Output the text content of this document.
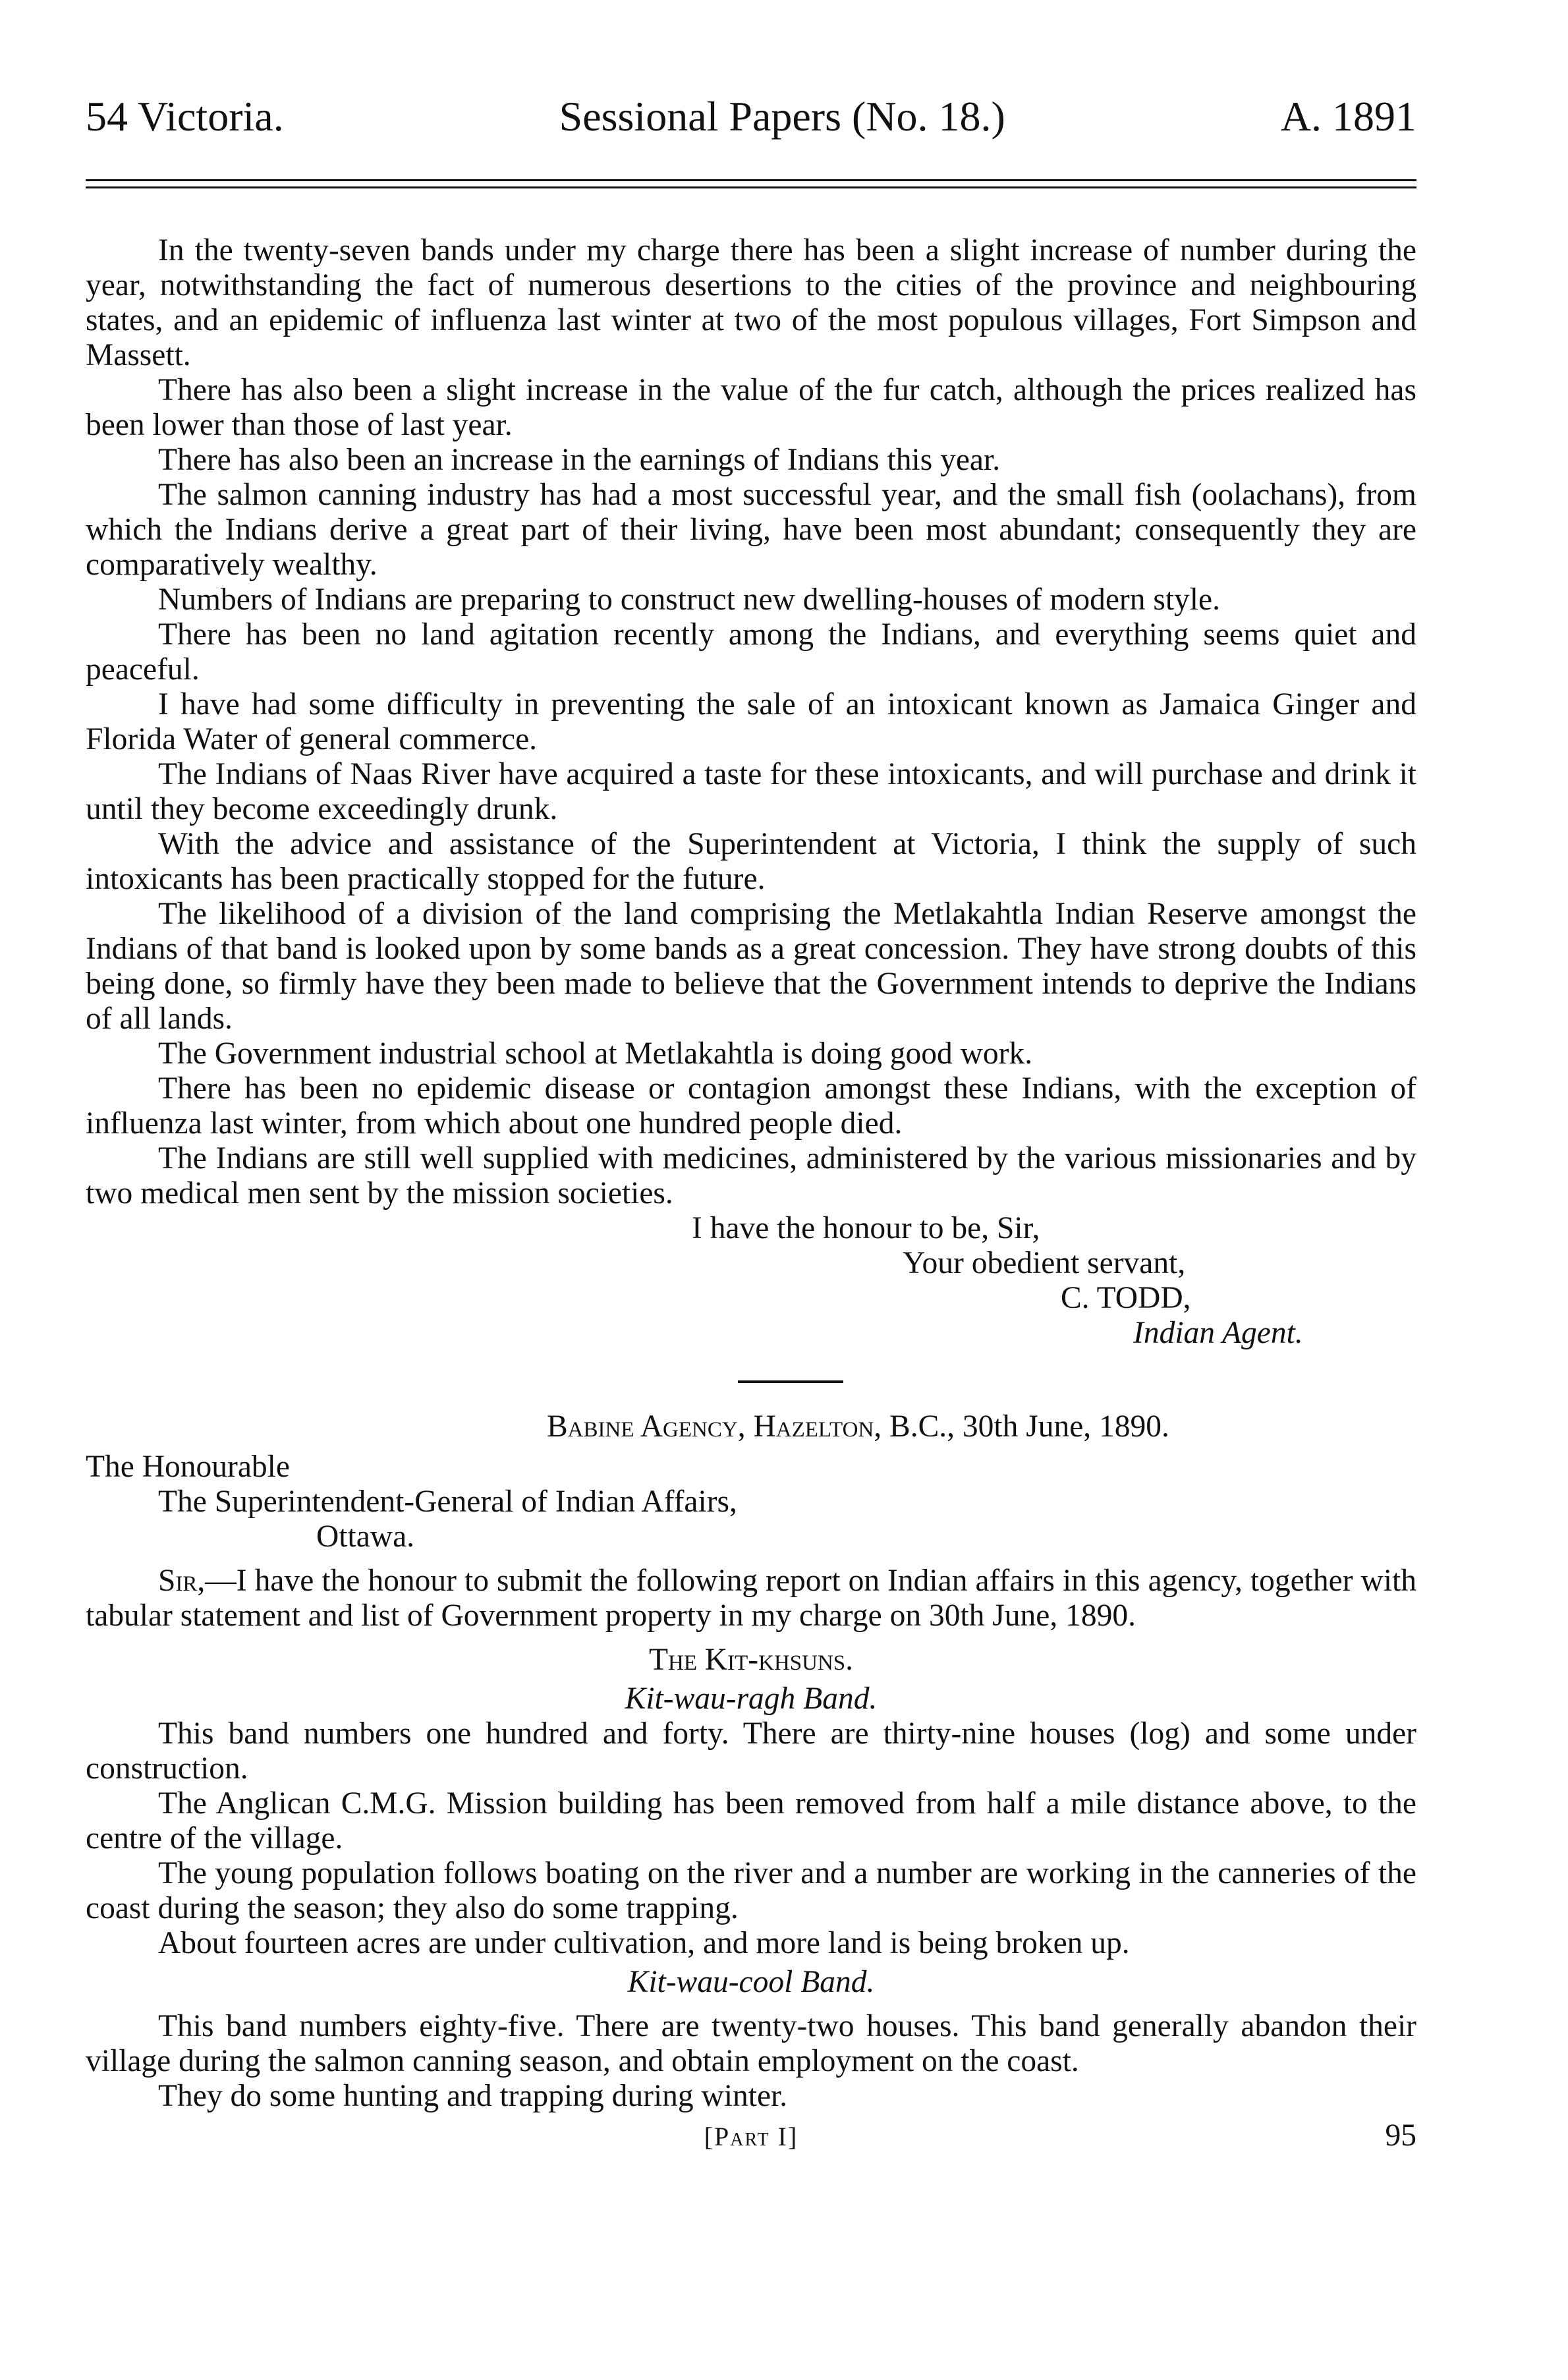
54 Victoria.	Sessional Papers (No. 18.)	A. 1891

In the twenty-seven bands under my charge there has been a slight increase of number during the year, notwithstanding the fact of numerous desertions to the cities of the province and neighbouring states, and an epidemic of influenza last winter at two of the most populous villages, Fort Simpson and Massett.

There has also been a slight increase in the value of the fur catch, although the prices realized has been lower than those of last year.

There has also been an increase in the earnings of Indians this year.

The salmon canning industry has had a most successful year, and the small fish (oolachans), from which the Indians derive a great part of their living, have been most abundant; consequently they are comparatively wealthy.

Numbers of Indians are preparing to construct new dwelling-houses of modern style.

There has been no land agitation recently among the Indians, and everything seems quiet and peaceful.

I have had some difficulty in preventing the sale of an intoxicant known as Jamaica Ginger and Florida Water of general commerce.

The Indians of Naas River have acquired a taste for these intoxicants, and will purchase and drink it until they become exceedingly drunk.

With the advice and assistance of the Superintendent at Victoria, I think the supply of such intoxicants has been practically stopped for the future.

The likelihood of a division of the land comprising the Metlakahtla Indian Reserve amongst the Indians of that band is looked upon by some bands as a great concession. They have strong doubts of this being done, so firmly have they been made to believe that the Government intends to deprive the Indians of all lands.

The Government industrial school at Metlakahtla is doing good work.

There has been no epidemic disease or contagion amongst these Indians, with the exception of influenza last winter, from which about one hundred people died.

The Indians are still well supplied with medicines, administered by the various missionaries and by two medical men sent by the mission societies.

I have the honour to be, Sir,
Your obedient servant,
C. TODD,
Indian Agent.
Babine Agency, Hazelton, B.C., 30th June, 1890.
The Honourable
The Superintendent-General of Indian Affairs,
Ottawa.

Sir,—I have the honour to submit the following report on Indian affairs in this agency, together with tabular statement and list of Government property in my charge on 30th June, 1890.

The Kit-khsuns.
Kit-wau-ragh Band.

This band numbers one hundred and forty. There are thirty-nine houses (log) and some under construction.

The Anglican C.M.G. Mission building has been removed from half a mile distance above, to the centre of the village.

The young population follows boating on the river and a number are working in the canneries of the coast during the season; they also do some trapping.

About fourteen acres are under cultivation, and more land is being broken up.

Kit-wau-cool Band.

This band numbers eighty-five. There are twenty-two houses. This band generally abandon their village during the salmon canning season, and obtain employment on the coast.

They do some hunting and trapping during winter.

[Part I]	95
